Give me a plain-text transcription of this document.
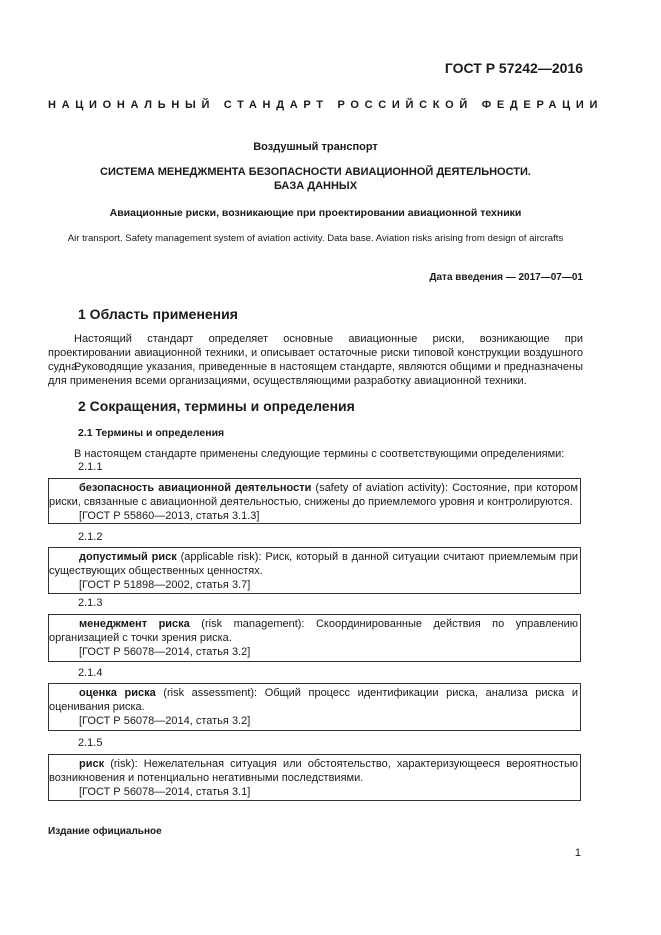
ГОСТ Р 57242—2016
НАЦИОНАЛЬНЫЙ СТАНДАРТ РОССИЙСКОЙ ФЕДЕРАЦИИ
Воздушный транспорт
СИСТЕМА МЕНЕДЖМЕНТА БЕЗОПАСНОСТИ АВИАЦИОННОЙ ДЕЯТЕЛЬНОСТИ.
БАЗА ДАННЫХ
Авиационные риски, возникающие при проектировании авиационной техники
Air transport. Safety management system of aviation activity. Data base. Aviation risks arising from design of aircrafts
Дата введения — 2017—07—01
1 Область применения
Настоящий стандарт определяет основные авиационные риски, возникающие при проектировании авиационной техники, и описывает остаточные риски типовой конструкции воздушного судна.
Руководящие указания, приведенные в настоящем стандарте, являются общими и предназначены для применения всеми организациями, осуществляющими разработку авиационной техники.
2 Сокращения, термины и определения
2.1 Термины и определения
В настоящем стандарте применены следующие термины с соответствующими определениями:
2.1.1
безопасность авиационной деятельности (safety of aviation activity): Состояние, при котором риски, связанные с авиационной деятельностью, снижены до приемлемого уровня и контролируются.
[ГОСТ Р 55860—2013, статья 3.1.3]
2.1.2
допустимый риск (applicable risk): Риск, который в данной ситуации считают приемлемым при существующих общественных ценностях.
[ГОСТ Р 51898—2002, статья 3.7]
2.1.3
менеджмент риска (risk management): Скоординированные действия по управлению организацией с точки зрения риска.
[ГОСТ Р 56078—2014, статья 3.2]
2.1.4
оценка риска (risk assessment): Общий процесс идентификации риска, анализа риска и оценивания риска.
[ГОСТ Р 56078—2014, статья 3.2]
2.1.5
риск (risk): Нежелательная ситуация или обстоятельство, характеризующееся вероятностью возникновения и потенциально негативными последствиями.
[ГОСТ Р 56078—2014, статья 3.1]
Издание официальное
1
